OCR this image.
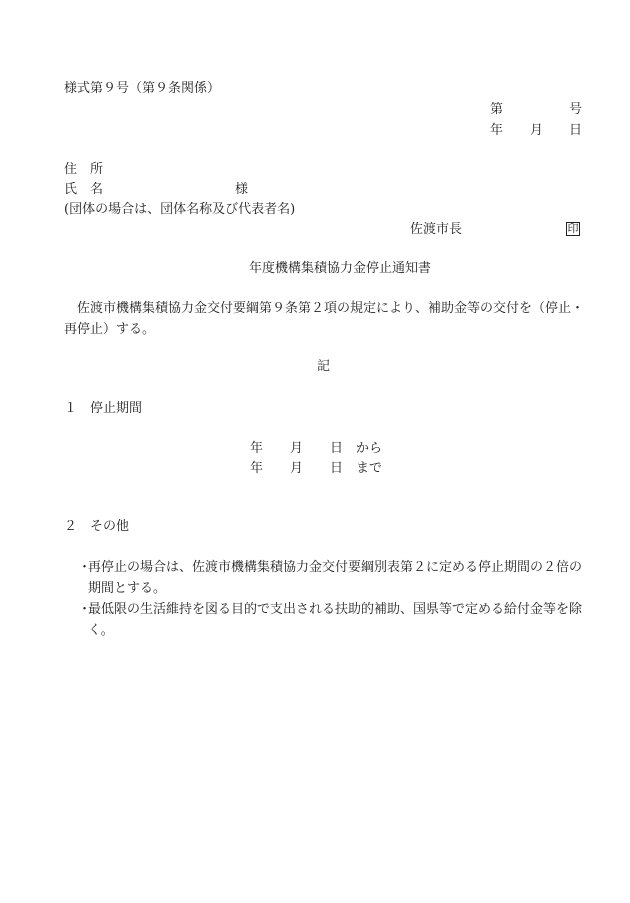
様式第９号（第９条関係）
第	号
年 月 日
住　所
氏　名	様
(団体の場合は、団体名称及び代表者名)
佐渡市長	印
年度機構集積協力金停止通知書
佐渡市機構集積協力金交付要綱第９条第２項の規定により、補助金等の交付を（停止・再停止）する。
記
１　停止期間
年 月 日 から
年 月 日 まで
２　その他
・
再停止の場合は、佐渡市機構集積協力金交付要綱別表第２に定める停止期間の２倍の期間とする。
・
最低限の生活維持を図る目的で支出される扶助的補助、国県等で定める給付金等を除く。
